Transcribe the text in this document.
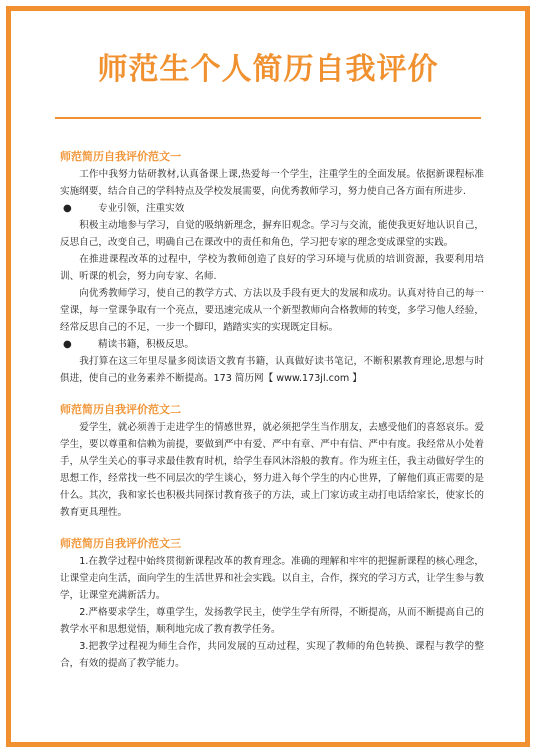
师范生个人简历自我评价

师范简历自我评价范文一

工作中我努力钻研教材,认真备课上课,热爱每一个学生，注重学生的全面发展。依据新课程标准实施纲要，结合自己的学科特点及学校发展需要，向优秀教师学习，努力使自己各方面有所进步.

●	专业引领，注重实效

积极主动地参与学习，自觉的吸纳新理念，摒弃旧观念。学习与交流，能使我更好地认识自己，反思自己，改变自己，明确自己在课改中的责任和角色，学习把专家的理念变成课堂的实践。

在推进课程改革的过程中，学校为教师创造了良好的学习环境与优质的培训资源，我要利用培训、听课的机会，努力向专家、名师.

向优秀教师学习，使自己的教学方式、方法以及手段有更大的发展和成功。认真对待自己的每一堂课，每一堂课争取有一个亮点，要迅速完成从一个新型教师向合格教师的转变，多学习他人经验，经常反思自己的不足，一步一个脚印，踏踏实实的实现既定目标。

●	精读书籍，积极反思。

我打算在这三年里尽量多阅读语文教育书籍，认真做好读书笔记，不断积累教育理论,思想与时俱进，使自己的业务素养不断提高。173 简历网【 www.173jl.com 】

师范简历自我评价范文二

爱学生，就必须善于走进学生的情感世界，就必须把学生当作朋友，去感受他们的喜怒哀乐。爱学生，要以尊重和信赖为前提，要做到严中有爱、严中有章、严中有信、严中有度。我经常从小处着手，从学生关心的事寻求最佳教育时机，给学生春风沐浴般的教育。作为班主任，我主动做好学生的思想工作，经常找一些不同层次的学生谈心，努力进入每个学生的内心世界，了解他们真正需要的是什么。其次，我和家长也积极共同探讨教育孩子的方法，或上门家访或主动打电话给家长，使家长的教育更具理性。

师范简历自我评价范文三

1.在教学过程中始终贯彻新课程改革的教育理念。准确的理解和牢牢的把握新课程的核心理念，让课堂走向生活，面向学生的生活世界和社会实践。以自主，合作，探究的学习方式，让学生参与教学，让课堂充满新活力。

2.严格要求学生，尊重学生，发扬教学民主，使学生学有所得，不断提高，从而不断提高自己的教学水平和思想觉悟，顺利地完成了教育教学任务。

3.把教学过程视为师生合作，共同发展的互动过程，实现了教师的角色转换、课程与教学的整合，有效的提高了教学能力。
